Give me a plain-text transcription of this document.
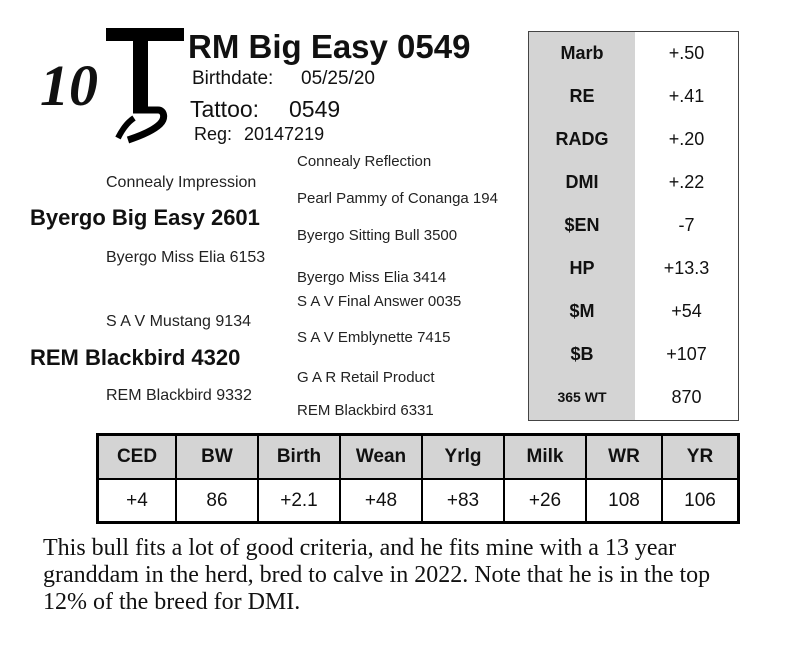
10
RM Big Easy 0549
Birthdate: 05/25/20
Tattoo: 0549
Reg: 20147219
Connealy Impression
Byergo Big Easy 2601
Byergo Miss Elia 6153
S A V Mustang 9134
REM Blackbird 4320
REM Blackbird 9332
Connealy Reflection
Pearl Pammy of Conanga 194
Byergo Sitting Bull 3500
Byergo Miss Elia 3414
S A V Final Answer 0035
S A V Emblynette 7415
G A R Retail Product
REM Blackbird 6331
Marb	+.50
RE	+.41
RADG	+.20
DMI	+.22
$EN	-7
HP	+13.3
$M	+54
$B	+107
365 WT	870
CED	BW	Birth	Wean	Yrlg	Milk	WR	YR
+4	86	+2.1	+48	+83	+26	108	106
This bull fits a lot of good criteria, and he fits mine with a 13 year granddam in the herd, bred to calve in 2022. Note that he is in the top 12% of the breed for DMI.
